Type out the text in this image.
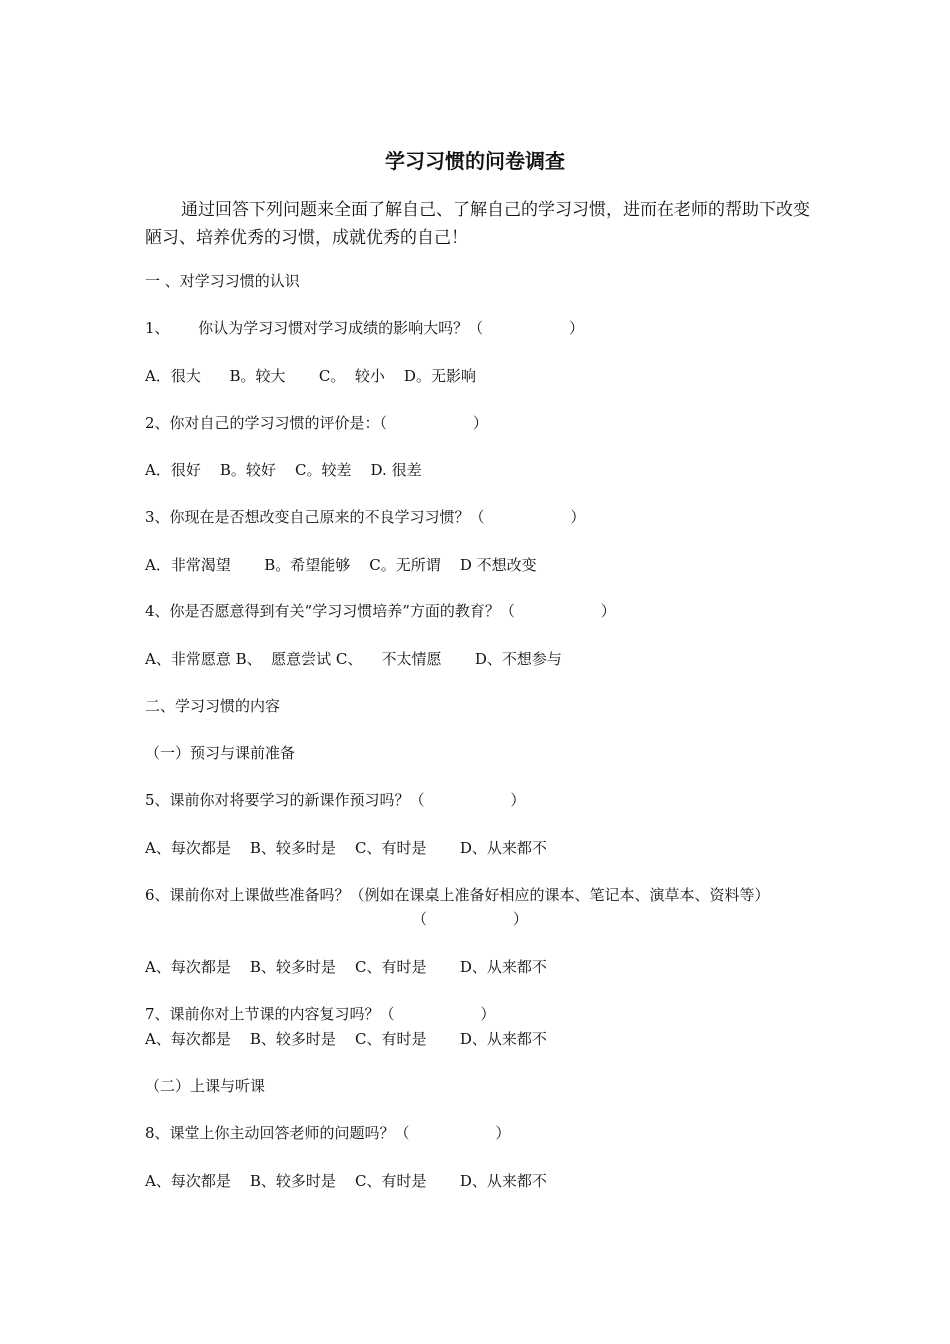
学习习惯的问卷调查
通过回答下列问题来全面了解自己、了解自己的学习习惯，进而在老师的帮助下改变陋习、培养优秀的习惯，成就优秀的自己！
一 、对学习习惯的认识
1、      你认为学习习惯对学习成绩的影响大吗？（                  ）
A．很大      B。较大       C。  较小    D。无影响
2、你对自己的学习习惯的评价是：（                  ）
A．很好    B。较好    C。较差    D. 很差
3、你现在是否想改变自己原来的不良学习习惯？（                  ）
A．非常渴望       B。希望能够    C。无所谓    D 不想改变
4、你是否愿意得到有关“学习习惯培养”方面的教育？（                  ）
A、非常愿意 B、  愿意尝试 C、    不太情愿       D、不想参与
二、学习习惯的内容
（一）预习与课前准备
5、课前你对将要学习的新课作预习吗？（                  ）
A、每次都是    B、较多时是    C、有时是       D、从来都不
6、课前你对上课做些准备吗？（例如在课桌上准备好相应的课本、笔记本、演草本、资料等）
（                  ）
A、每次都是    B、较多时是    C、有时是       D、从来都不
7、课前你对上节课的内容复习吗？（                  ）
A、每次都是    B、较多时是    C、有时是       D、从来都不
（二）上课与听课
8、课堂上你主动回答老师的问题吗？（                  ）
A、每次都是    B、较多时是    C、有时是       D、从来都不
